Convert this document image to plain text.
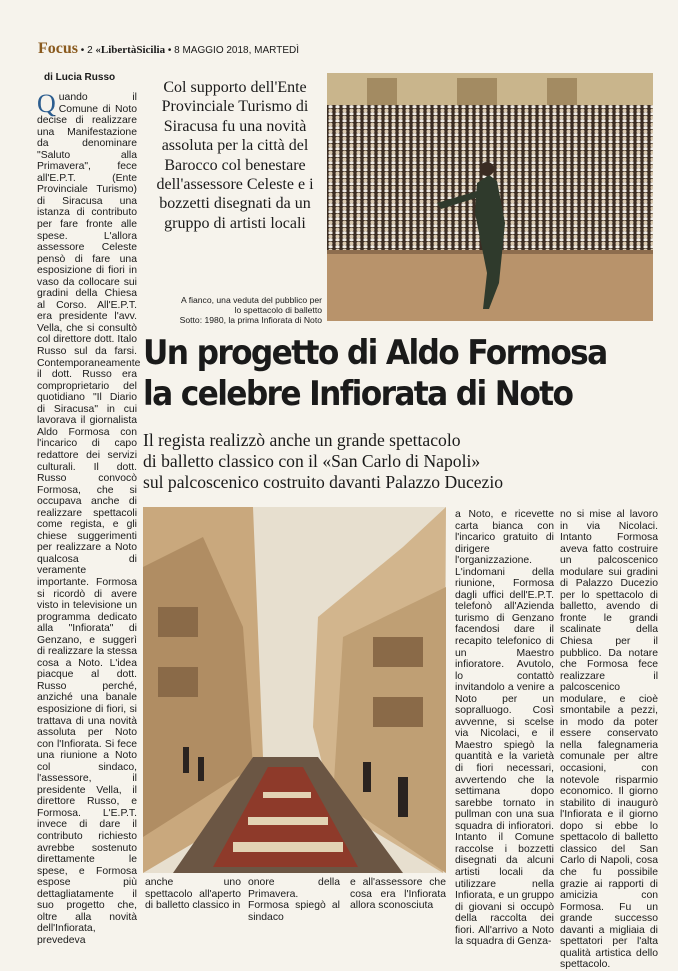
Focus • 2 «LibertàSicilia • 8 MAGGIO 2018, MARTEDÌ
di Lucia Russo
Q uando il Comune di Noto decise di realizzare una Manifestazione da denominare "Saluto alla Primavera", fece all'E.P.T. (Ente Provinciale Turismo) di Siracusa una istanza di contributo per fare fronte alle spese. L'allora assessore Celeste pensò di fare una esposizione di fiori in vaso da collocare sui gradini della Chiesa al Corso. All'E.P.T. era presidente l'avv. Vella, che si consultò col direttore dott. Italo Russo sul da farsi. Contemporaneamente il dott. Russo era comproprietario del quotidiano "Il Diario di Siracusa" in cui lavorava il giornalista Aldo Formosa con l'incarico di capo redattore dei servizi culturali. Il dott. Russo convocò Formosa, che si occupava anche di realizzare spettacoli come regista, e gli chiese suggerimenti per realizzare a Noto qualcosa di veramente importante. Formosa si ricordò di avere visto in televisione un programma dedicato alla "Infiorata" di Genzano, e suggerì di realizzare la stessa cosa a Noto. L'idea piacque al dott. Russo perché, anziché una banale esposizione di fiori, si trattava di una novità assoluta per Noto con l'Infiorata. Si fece una riunione a Noto col sindaco, l'assessore, il presidente Vella, il direttore Russo, e Formosa. L'E.P.T. invece di dare il contributo richiesto avrebbe sostenuto direttamente le spese, e Formosa espose più dettagliatamente il suo progetto che, oltre alla novità dell'Infiorata, prevedeva
Col supporto dell'Ente Provinciale Turismo di Siracusa fu una novità assoluta per la città del Barocco col benestare dell'assessore Celeste e i bozzetti disegnati da un gruppo di artisti locali
A fianco, una veduta del pubblico per lo spettacolo di balletto
Sotto: 1980, la prima Infiorata di Noto
Un progetto di Aldo Formosa
la celebre Infiorata di Noto
Il regista realizzò anche un grande spettacolo
di balletto classico con il «San Carlo di Napoli»
sul palcoscenico costruito davanti Palazzo Ducezio
anche uno spettacolo all'aperto di balletto classico in
onore della Primavera. Formosa spiegò al sindaco
a Noto, e ricevette carta bianca con l'incarico gratuito di dirigere l'organizzazione. L'indomani della riunione, Formosa dagli uffici dell'E.P.T. telefonò all'Azienda turismo di Genzano facendosi dare il recapito telefonico di un Maestro infioratore. Avutolo, lo contattò invitandolo a venire a Noto per un sopralluogo. Così avvenne, si scelse via Nicolaci, e il Maestro spiegò la quantità e la varietà di fiori necessari, avvertendo che la settimana dopo sarebbe tornato in pullman con una sua squadra di infioratori. Intanto il Comune raccolse i bozzetti disegnati da alcuni artisti locali da utilizzare nella Infiorata, e un gruppo di giovani si occupò della raccolta dei fiori. All'arrivo a Noto la squadra di Genza-
e all'assessore che cosa era l'Infiorata allora sconosciuta
no si mise al lavoro in via Nicolaci. Intanto Formosa aveva fatto costruire un palcoscenico modulare sui gradini di Palazzo Ducezio per lo spettacolo di balletto, avendo di fronte le grandi scalinate della Chiesa per il pubblico. Da notare che Formosa fece realizzare il palcoscenico modulare, e cioè smontabile a pezzi, in modo da poter essere conservato nella falegnameria comunale per altre occasioni, con notevole risparmio economico. Il giorno stabilito di inaugurò l'Infiorata e il giorno dopo si ebbe lo spettacolo di balletto classico del San Carlo di Napoli, cosa che fu possibile grazie ai rapporti di amicizia con Formosa. Fu un grande successo davanti a migliaia di spettatori per l'alta qualità artistica dello spettacolo.
